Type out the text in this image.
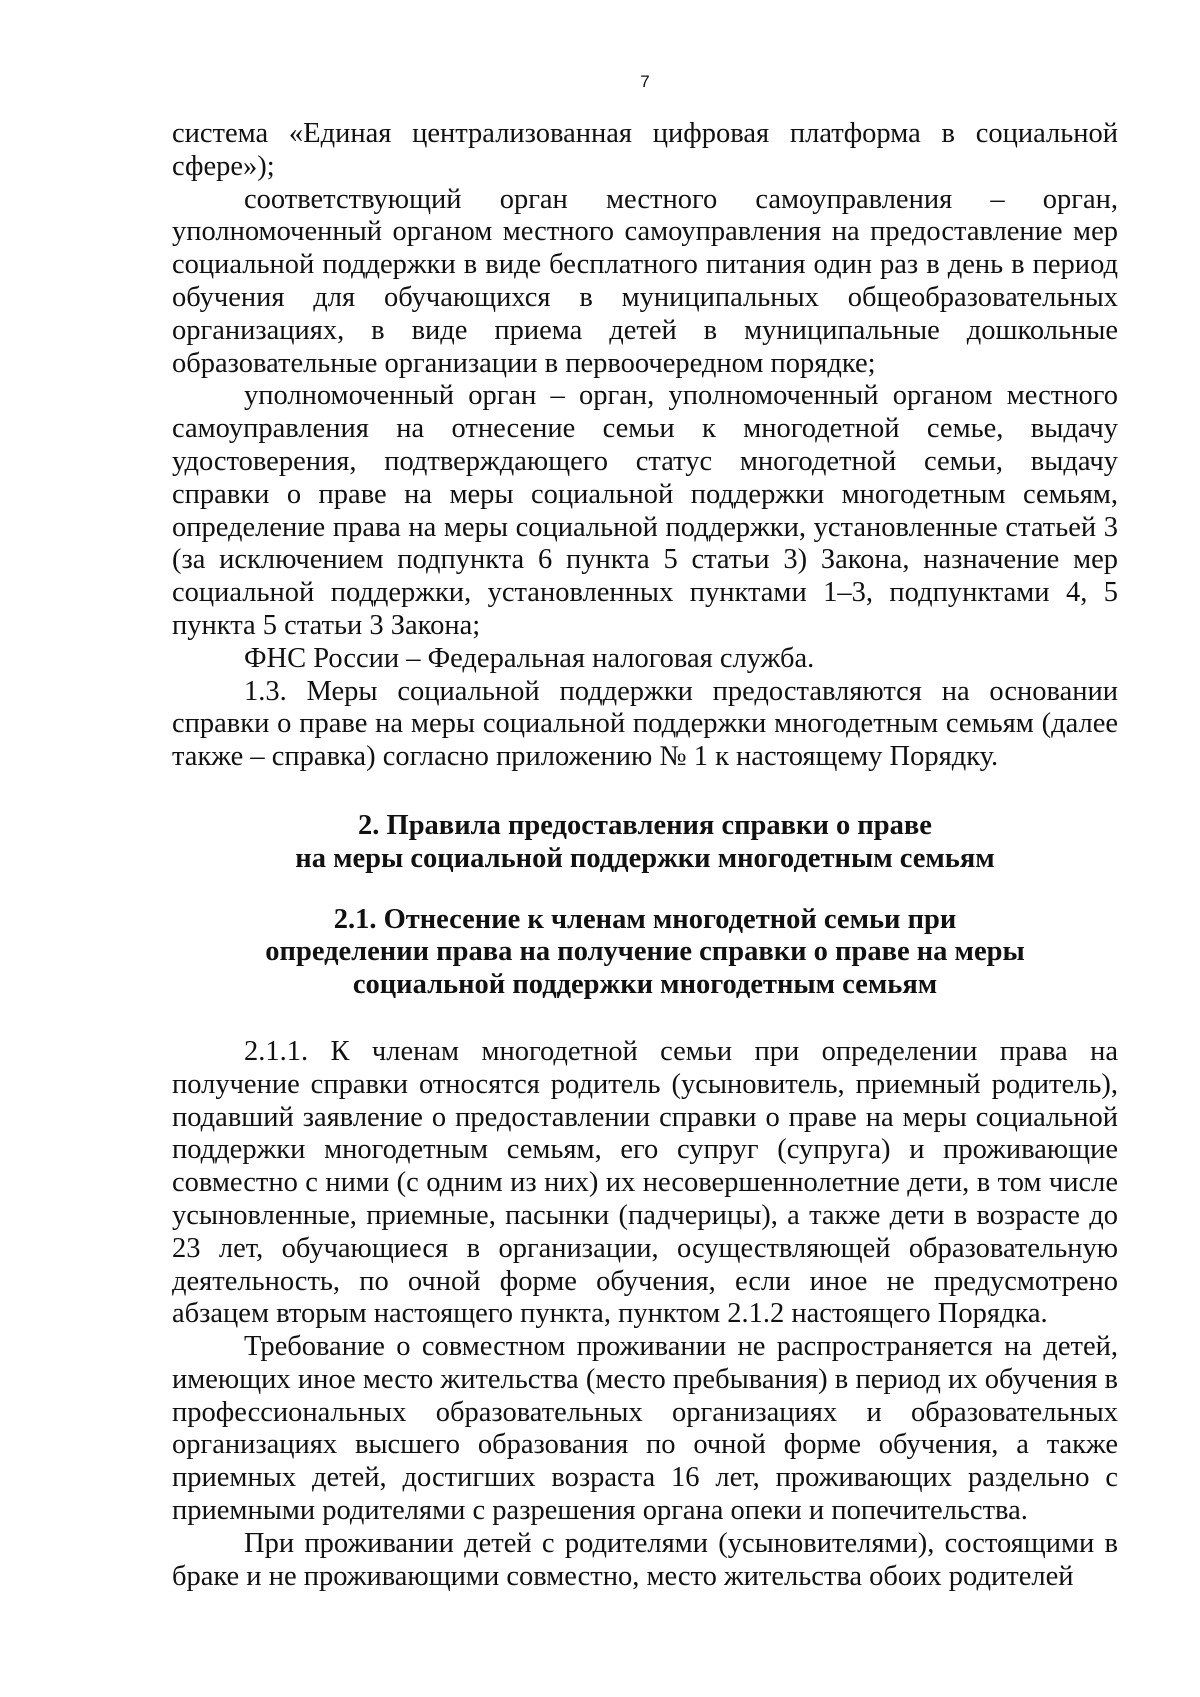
7

система «Единая централизованная цифровая платформа в социальной сфере»);

соответствующий орган местного самоуправления – орган, уполномоченный органом местного самоуправления на предоставление мер социальной поддержки в виде бесплатного питания один раз в день в период обучения для обучающихся в муниципальных общеобразовательных организациях, в виде приема детей в муниципальные дошкольные образовательные организации в первоочередном порядке;

уполномоченный орган – орган, уполномоченный органом местного самоуправления на отнесение семьи к многодетной семье, выдачу удостоверения, подтверждающего статус многодетной семьи, выдачу справки о праве на меры социальной поддержки многодетным семьям, определение права на меры социальной поддержки, установленные статьей 3 (за исключением подпункта 6 пункта 5 статьи 3) Закона, назначение мер социальной поддержки, установленных пунктами 1–3, подпунктами 4, 5 пункта 5 статьи 3 Закона;

ФНС России – Федеральная налоговая служба.

1.3. Меры социальной поддержки предоставляются на основании справки о праве на меры социальной поддержки многодетным семьям (далее также – справка) согласно приложению № 1 к настоящему Порядку.

2. Правила предоставления справки о праве

на меры социальной поддержки многодетным семьям

2.1. Отнесение к членам многодетной семьи при

определении права на получение справки о праве на меры

социальной поддержки многодетным семьям

2.1.1. К членам многодетной семьи при определении права на получение справки относятся родитель (усыновитель, приемный родитель), подавший заявление о предоставлении справки о праве на меры социальной поддержки многодетным семьям, его супруг (супруга) и проживающие совместно с ними (с одним из них) их несовершеннолетние дети, в том числе усыновленные, приемные, пасынки (падчерицы), а также дети в возрасте до 23 лет, обучающиеся в организации, осуществляющей образовательную деятельность, по очной форме обучения, если иное не предусмотрено абзацем вторым настоящего пункта, пунктом 2.1.2 настоящего Порядка.

Требование о совместном проживании не распространяется на детей, имеющих иное место жительства (место пребывания) в период их обучения в профессиональных образовательных организациях и образовательных организациях высшего образования по очной форме обучения, а также приемных детей, достигших возраста 16 лет, проживающих раздельно с приемными родителями с разрешения органа опеки и попечительства.

При проживании детей с родителями (усыновителями), состоящими в браке и не проживающими совместно, место жительства обоих родителей
